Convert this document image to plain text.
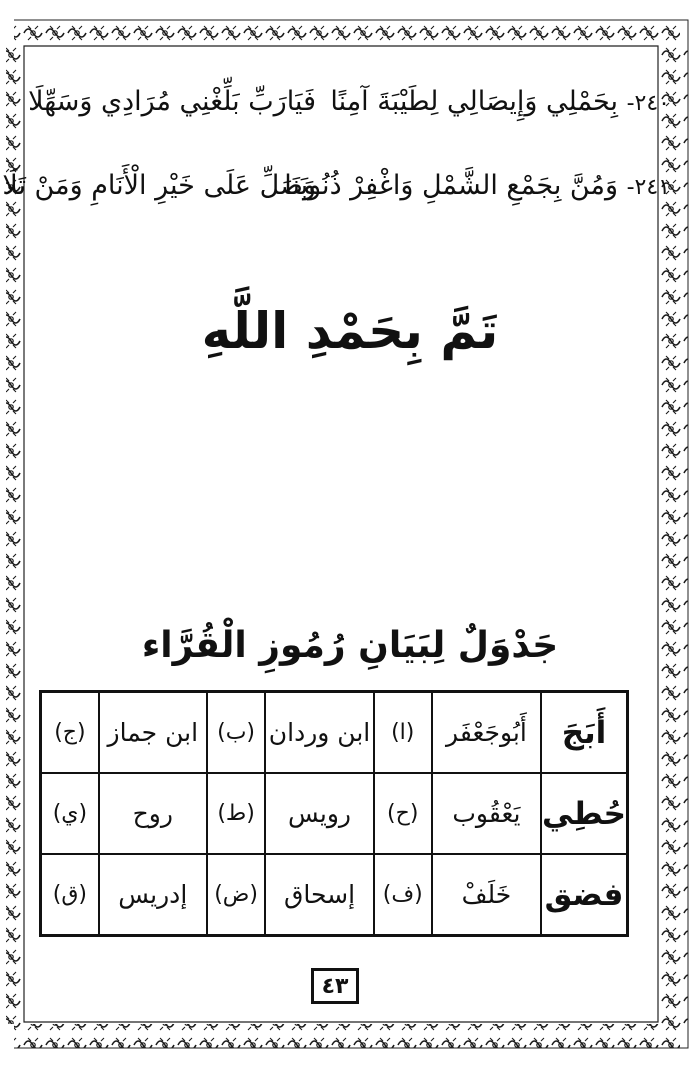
٢٤٠- بِحَمْلِي وَإِيصَالِي لِطَيْبَةَ آمِنًا
فَيَارَبِّ بَلِّغْنِي مُرَادِي وَسَهِّلَا
٢٤١- وَمُنَّ بِجَمْعِ الشَّمْلِ وَاغْفِرْ ذُنُوبَنَا
وَصَلِّ عَلَى خَيْرِ الْأَنَامِ وَمَنْ تَلَا
تَمَّ بِحَمْدِ اللَّهِ
جَدْوَلٌ لِبَيَانِ رُمُوزِ الْقُرَّاء
أَبَجَ	أَبُوجَعْفَر	(ا)	ابن وردان	(ب)	ابن جماز	(ج)
حُطِي	يَعْقُوب	(ح)	رويس	(ط)	روح	(ي)
فضق	خَلَفْ	(ف)	إسحاق	(ض)	إدريس	(ق)
٤٣
